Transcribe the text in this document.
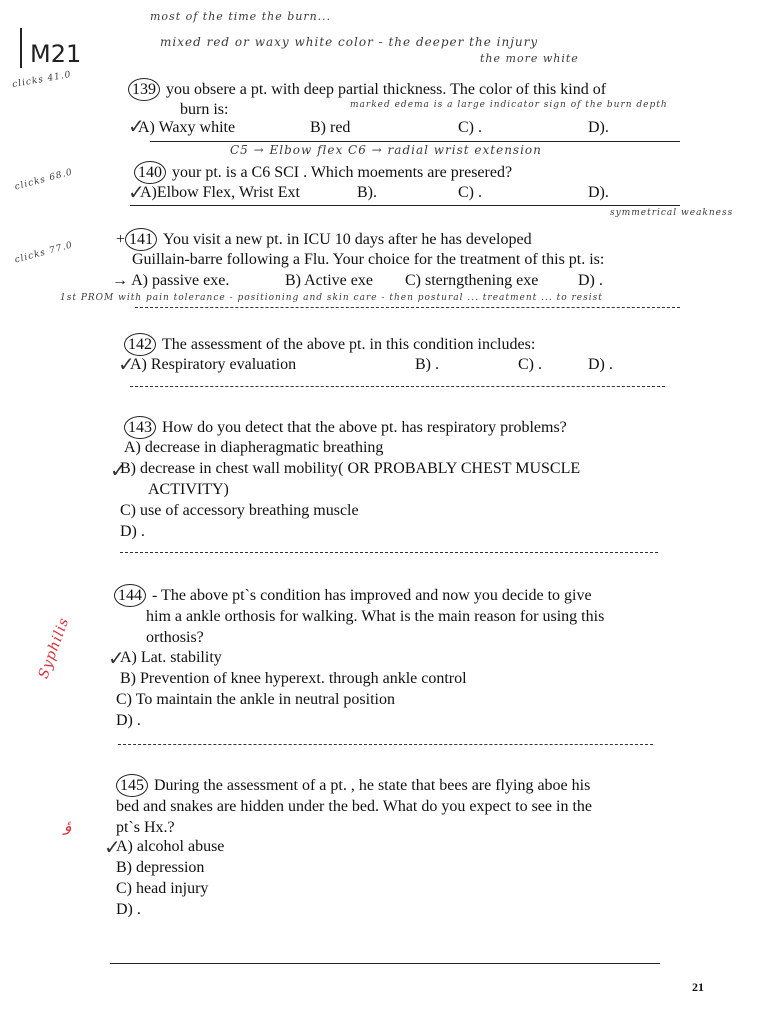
most of the time the burn...
mixed red or waxy white color - the deeper the injury
the more white
M21
clicks 41.0
clicks 68.0
clicks 77.0
Syphilis
139 you obsere a pt. with deep partial thickness. The color of this kind of
burn is:	marked edema is a large indicator sign of the burn depth
✓
A) Waxy white	B) red	C) .	D).
C5 → Elbow flex C6 → radial wrist extension
140 your pt. is a C6 SCI . Which moements are presered?
✓
A)Elbow Flex, Wrist Ext	B).	C) .	D).
symmetrical weakness
+ 141 You visit a new pt. in ICU 10 days after he has developed
Guillain-barre following a Flu. Your choice for the treatment of this pt. is:
→ A) passive exe.	B) Active exe C) sterngthening exe D) .
1st PROM with pain tolerance - positioning and skin care - then postural ... treatment ... to resist
142 The assessment of the above pt. in this condition includes:
✓
A) Respiratory evaluation	B) .	C) .	D) .
143 How do you detect that the above pt. has respiratory problems?
A) decrease in diapheragmatic breathing
✓
B) decrease in chest wall mobility( OR PROBABLY CHEST MUSCLE
ACTIVITY)
C) use of accessory breathing muscle
D) .
144 - The above pt`s condition has improved and now you decide to give
him a ankle orthosis for walking. What is the main reason for using this
orthosis?
✓
A) Lat. stability
B) Prevention of knee hyperext. through ankle control
C) To maintain the ankle in neutral position
D) .
145 During the assessment of a pt. , he state that bees are flying aboe his
bed and snakes are hidden under the bed. What do you expect to see in the
pt`s Hx.?
✓
A) alcohol abuse
B) depression
C) head injury
D) .
ؤ
21
